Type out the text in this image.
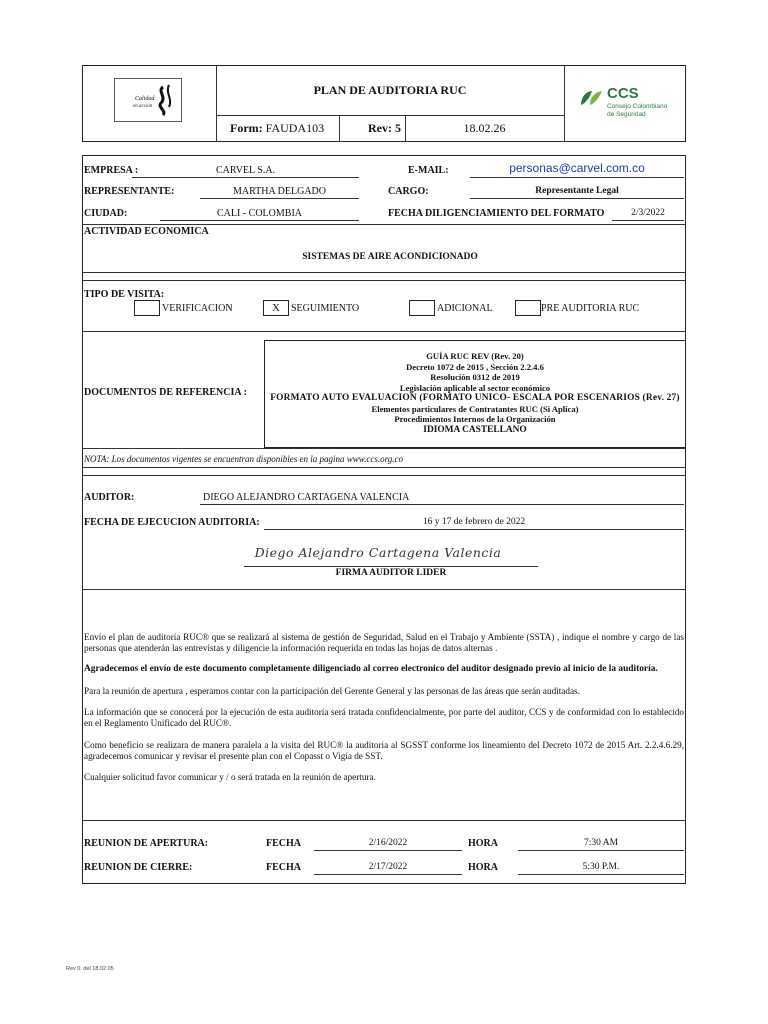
Calidad
en acción
PLAN DE AUDITORIA RUC
Form: FAUDA103	Rev: 5	18.02.26
CCS
Consejo Colombiano
de Seguridad
EMPRESA :	CARVEL S.A.	E-MAIL:	personas@carvel.com.co
REPRESENTANTE:	MARTHA DELGADO	CARGO:	Representante Legal
CIUDAD:	CALI - COLOMBIA	FECHA DILIGENCIAMIENTO DEL FORMATO	2/3/2022
ACTIVIDAD ECONOMICA
SISTEMAS DE AIRE ACONDICIONADO
TIPO DE VISITA:
VERIFICACION	X	SEGUIMIENTO	ADICIONAL	PRE AUDITORIA RUC
DOCUMENTOS DE REFERENCIA :
GUÍA RUC REV (Rev. 20)
Decreto 1072 de 2015 , Sección 2.2.4.6
Resolución 0312 de 2019
Legislación aplicable al sector económico
FORMATO AUTO EVALUACION (FORMATO UNICO- ESCALA POR ESCENARIOS (Rev. 27)
Elementos particulares de Contratantes RUC (Si Aplica)
Procedimientos Internos de la Organización
IDIOMA CASTELLANO
NOTA: Los documentos vigentes se encuentran disponibles en la pagina www.ccs.org.co
AUDITOR:	DIEGO ALEJANDRO CARTAGENA VALENCIA
FECHA DE EJECUCION AUDITORIA:	16 y 17 de febrero de 2022
Diego Alejandro Cartagena Valencia
FIRMA AUDITOR LIDER
Envío el plan de auditoría RUC® que se realizará al sistema de gestión de Seguridad, Salud en el Trabajo y Ambiente (SSTA) , indique el nombre y cargo de las personas que atenderán las entrevistas y diligencie la información requerida en todas las hojas de datos alternas .
Agradecemos el envío de este documento completamente diligenciado al correo electronico del auditor designado previo al inicio de la auditoría.
Para la reunión de apertura , esperamos contar con la participación del Gerente General y las personas de las áreas que serán auditadas.
La información que se conocerá por la ejecución de esta auditoría será tratada confidencialmente, por parte del auditor, CCS y de conformidad con lo establecido en el Reglamento Unificado del RUC®.
Como beneficio se realizara de manera paralela a la visita del RUC® la auditoria al SGSST conforme los lineamiento del Decreto 1072 de 2015 Art. 2.2.4.6.29, agradecemos comunicar y revisar el presente plan con el Copasst o Vigía de SST.
Cualquier solicitud favor comunicar y / o será tratada en la reunión de apertura.
REUNION DE APERTURA:	FECHA	2/16/2022	HORA	7:30 AM
REUNION DE CIERRE:	FECHA	2/17/2022	HORA	5:30 P.M.
Rev 0. del 18.02.05
